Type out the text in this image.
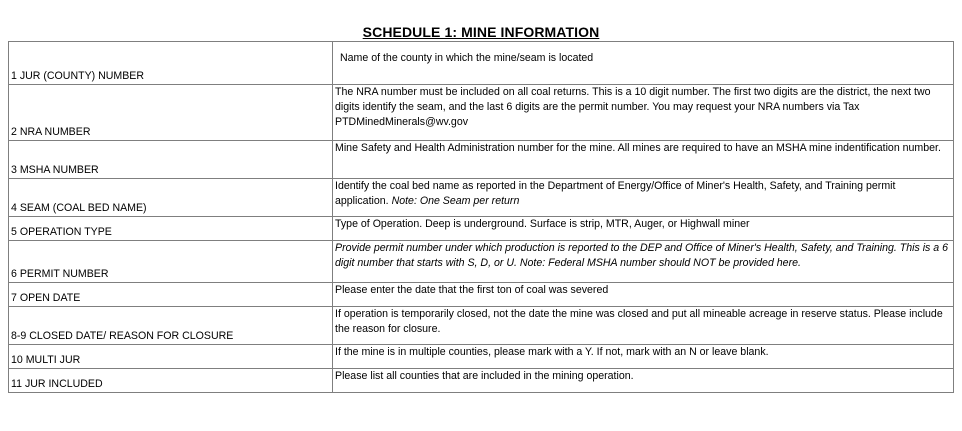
SCHEDULE 1: MINE INFORMATION
1 JUR (COUNTY) NUMBER	Name of the county in which the mine/seam is located
2 NRA NUMBER	The NRA number must be included on all coal returns. This is a 10 digit number. The first two digits are the district, the next two digits identify the seam, and the last 6 digits are the permit number. You may request your NRA numbers via Tax PTDMinedMinerals@wv.gov
3 MSHA NUMBER	Mine Safety and Health Administration number for the mine. All mines are required to have an MSHA mine indentification number.
4 SEAM (COAL BED NAME)	Identify the coal bed name as reported in the Department of Energy/Office of Miner's Health, Safety, and Training permit application. Note: One Seam per return
5 OPERATION TYPE	Type of Operation. Deep is underground. Surface is strip, MTR, Auger, or Highwall miner
6 PERMIT NUMBER	Provide permit number under which production is reported to the DEP and Office of Miner's Health, Safety, and Training. This is a 6 digit number that starts with S, D, or U. Note: Federal MSHA number should NOT be provided here.
7 OPEN DATE	Please enter the date that the first ton of coal was severed
8-9 CLOSED DATE/ REASON FOR CLOSURE	If operation is temporarily closed, not the date the mine was closed and put all mineable acreage in reserve status. Please include the reason for closure.
10 MULTI JUR	If the mine is in multiple counties, please mark with a Y. If not, mark with an N or leave blank.
11 JUR INCLUDED	Please list all counties that are included in the mining operation.
